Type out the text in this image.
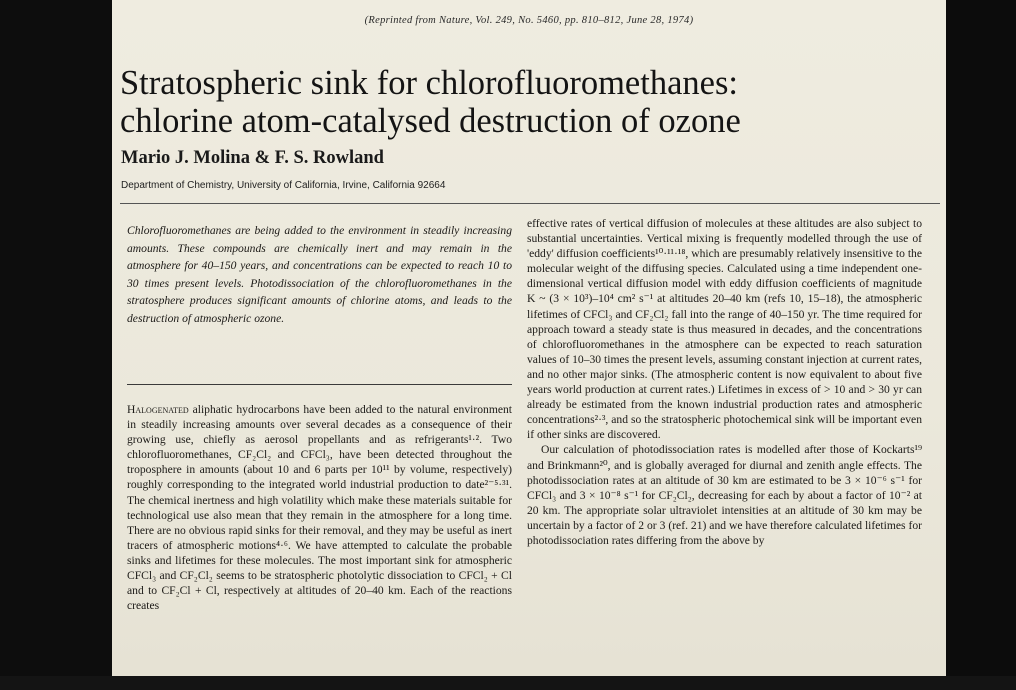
(Reprinted from Nature, Vol. 249, No. 5460, pp. 810–812, June 28, 1974)
Stratospheric sink for chlorofluoromethanes:
chlorine atom-catalysed destruction of ozone
Mario J. Molina & F. S. Rowland
Department of Chemistry, University of California, Irvine, California 92664

Chlorofluoromethanes are being added to the environment in steadily increasing amounts. These compounds are chemically inert and may remain in the atmosphere for 40–150 years, and concentrations can be expected to reach 10 to 30 times present levels. Photodissociation of the chlorofluoromethanes in the stratosphere produces significant amounts of chlorine atoms, and leads to the destruction of atmospheric ozone.

Halogenated aliphatic hydrocarbons have been added to the natural environment in steadily increasing amounts over several decades as a consequence of their growing use, chiefly as aerosol propellants and as refrigerants¹·². Two chlorofluoromethanes, CF₂Cl₂ and CFCl₃, have been detected throughout the troposphere in amounts (about 10 and 6 parts per 10¹¹ by volume, respectively) roughly corresponding to the integrated world industrial production to date²⁻⁵·³¹. The chemical inertness and high volatility which make these materials suitable for technological use also mean that they remain in the atmosphere for a long time. There are no obvious rapid sinks for their removal, and they may be useful as inert tracers of atmospheric motions⁴·⁶. We have attempted to calculate the probable sinks and lifetimes for these molecules. The most important sink for atmospheric CFCl₃ and CF₂Cl₂ seems to be stratospheric photolytic dissociation to CFCl₂ + Cl and to CF₂Cl + Cl, respectively at altitudes of 20–40 km. Each of the reactions creates

effective rates of vertical diffusion of molecules at these altitudes are also subject to substantial uncertainties. Vertical mixing is frequently modelled through the use of 'eddy' diffusion coefficients¹⁰·¹¹·¹⁸, which are presumably relatively insensitive to the molecular weight of the diffusing species. Calculated using a time independent one-dimensional vertical diffusion model with eddy diffusion coefficients of magnitude K ~ (3 × 10³)–10⁴ cm² s⁻¹ at altitudes 20–40 km (refs 10, 15–18), the atmospheric lifetimes of CFCl₃ and CF₂Cl₂ fall into the range of 40–150 yr. The time required for approach toward a steady state is thus measured in decades, and the concentrations of chlorofluoromethanes in the atmosphere can be expected to reach saturation values of 10–30 times the present levels, assuming constant injection at current rates, and no other major sinks. (The atmospheric content is now equivalent to about five years world production at current rates.) Lifetimes in excess of > 10 and > 30 yr can already be estimated from the known industrial production rates and atmospheric concentrations²·³, and so the stratospheric photochemical sink will be important even if other sinks are discovered.

Our calculation of photodissociation rates is modelled after those of Kockarts¹⁹ and Brinkmann²⁰, and is globally averaged for diurnal and zenith angle effects. The photodissociation rates at an altitude of 30 km are estimated to be 3 × 10⁻⁶ s⁻¹ for CFCl₃ and 3 × 10⁻⁸ s⁻¹ for CF₂Cl₂, decreasing for each by about a factor of 10⁻² at 20 km. The appropriate solar ultraviolet intensities at an altitude of 30 km may be uncertain by a factor of 2 or 3 (ref. 21) and we have therefore calculated lifetimes for photodissociation rates differing from the above by
